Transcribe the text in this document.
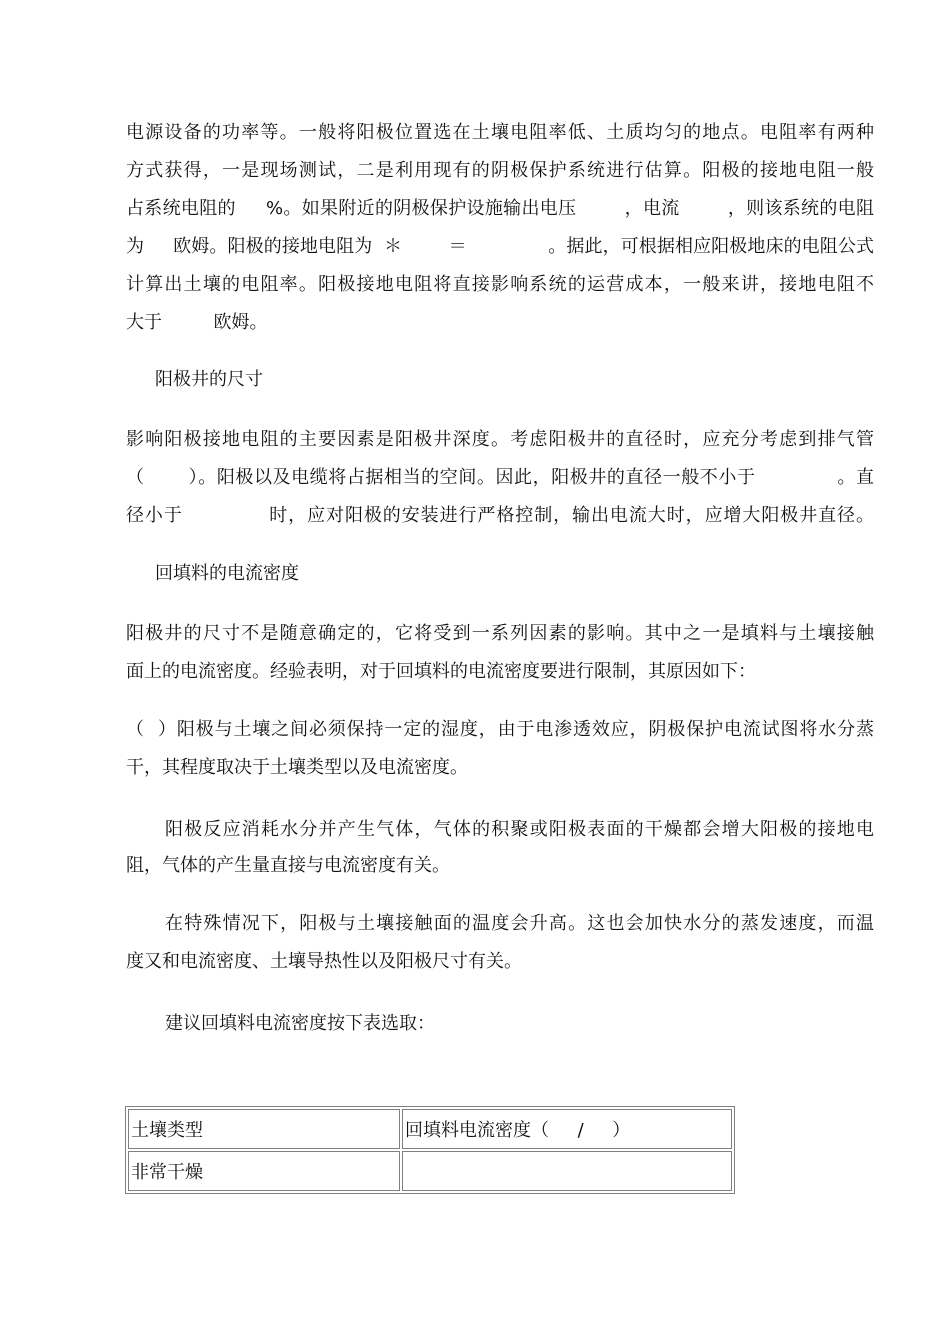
电源设备的功率等。一般将阳极位置选在土壤电阻率低、土质均匀的地点。电阻率有两种
方式获得，一是现场测试，二是利用现有的阴极保护系统进行估算。阳极的接地电阻一般
占系统电阻的     %。如果附近的阴极保护设施输出电压        ，电流        ，则该系统的电阻
为     欧姆。阳极的接地电阻为  ＊        ＝              。据此，可根据相应阳极地床的电阻公式
计算出土壤的电阻率。阳极接地电阻将直接影响系统的运营成本，一般来讲，接地电阻不
大于         欧姆。
阳极井的尺寸
影响阳极接地电阻的主要因素是阳极井深度。考虑阳极井的直径时，应充分考虑到排气管
（       ）。阳极以及电缆将占据相当的空间。因此，阳极井的直径一般不小于             。直
径小于             时，应对阳极的安装进行严格控制，输出电流大时，应增大阳极井直径。
回填料的电流密度
阳极井的尺寸不是随意确定的，它将受到一系列因素的影响。其中之一是填料与土壤接触
面上的电流密度。经验表明，对于回填料的电流密度要进行限制，其原因如下：
（  ）阳极与土壤之间必须保持一定的湿度，由于电渗透效应，阴极保护电流试图将水分蒸
干，其程度取决于土壤类型以及电流密度。
阳极反应消耗水分并产生气体，气体的积聚或阳极表面的干燥都会增大阳极的接地电
阻，气体的产生量直接与电流密度有关。
在特殊情况下，阳极与土壤接触面的温度会升高。这也会加快水分的蒸发速度，而温
度又和电流密度、土壤导热性以及阳极尺寸有关。
建议回填料电流密度按下表选取：
土壤类型	回填料电流密度（     /     ）
非常干燥	
